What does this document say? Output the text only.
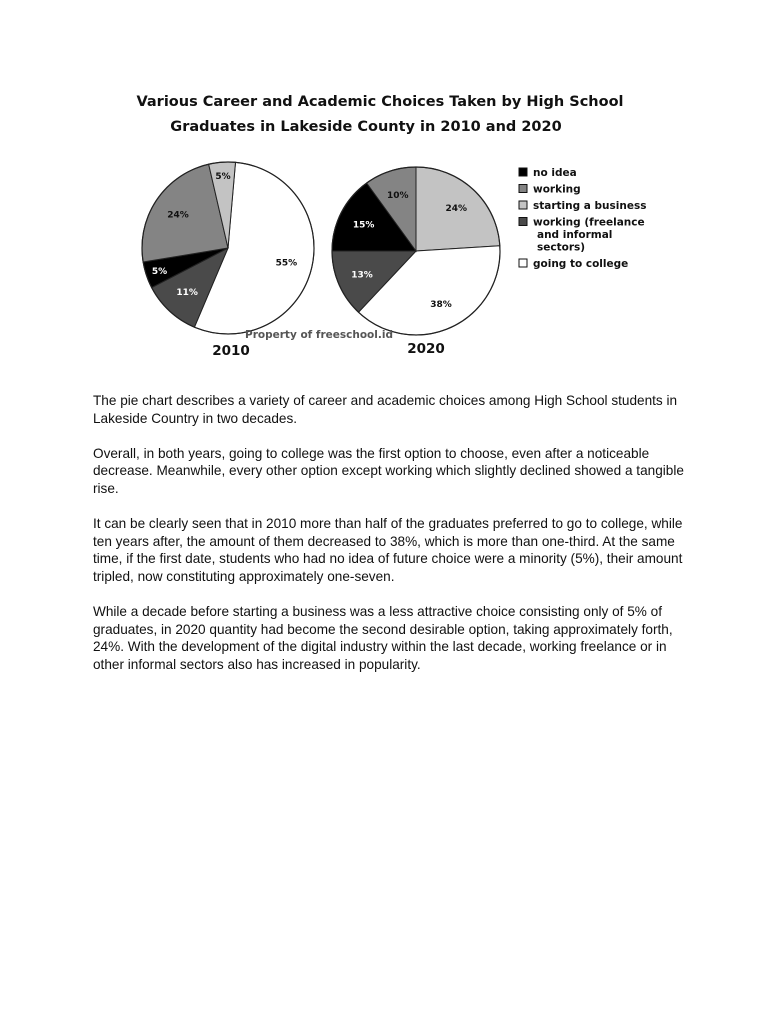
Various Career and Academic Choices Taken by High School
Graduates in Lakeside County in 2010 and 2020
55%
11%
5%
24%
5%
24%
38%
13%
15%
10%
no idea
working
starting a business
working (freelance
and informal
sectors)
going to college
Property of freeschool.id
2010	2020

The pie chart describes a variety of career and academic choices among High School students in Lakeside Country in two decades.

Overall, in both years, going to college was the first option to choose, even after a noticeable decrease. Meanwhile, every other option except working which slightly declined showed a tangible rise.

It can be clearly seen that in 2010 more than half of the graduates preferred to go to college, while ten years after, the amount of them decreased to 38%, which is more than one-third. At the same time, if the first date, students who had no idea of future choice were a minority (5%), their amount tripled, now constituting approximately one-seven.

While a decade before starting a business was a less attractive choice consisting only of 5% of graduates, in 2020 quantity had become the second desirable option, taking approximately forth, 24%. With the development of the digital industry within the last decade, working freelance or in other informal sectors also has increased in popularity.
